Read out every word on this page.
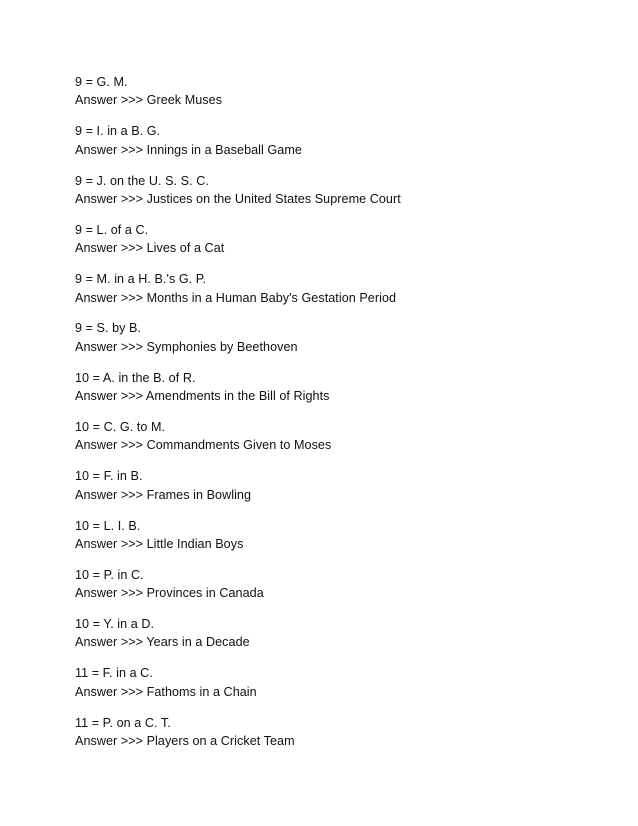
9 = G. M.
Answer >>> Greek Muses
9 = I. in a B. G.
Answer >>> Innings in a Baseball Game
9 = J. on the U. S. S. C.
Answer >>> Justices on the United States Supreme Court
9 = L. of a C.
Answer >>> Lives of a Cat
9 = M. in a H. B.'s G. P.
Answer >>> Months in a Human Baby's Gestation Period
9 = S. by B.
Answer >>> Symphonies by Beethoven
10 = A. in the B. of R.
Answer >>> Amendments in the Bill of Rights
10 = C. G. to M.
Answer >>> Commandments Given to Moses
10 = F. in B.
Answer >>> Frames in Bowling
10 = L. I. B.
Answer >>> Little Indian Boys
10 = P. in C.
Answer >>> Provinces in Canada
10 = Y. in a D.
Answer >>> Years in a Decade
11 = F. in a C.
Answer >>> Fathoms in a Chain
11 = P. on a C. T.
Answer >>> Players on a Cricket Team
